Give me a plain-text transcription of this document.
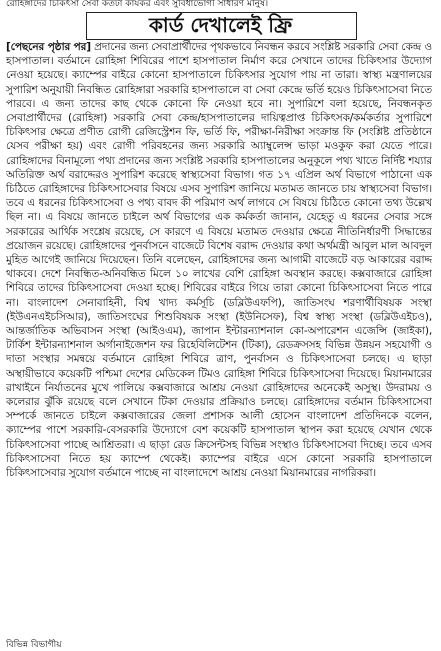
রোহিঙ্গাদের চিকিৎসা সেবা কতটা কার্যকর এবং সুবিধাভোগী সাধারণ মানুষ।
কার্ড দেখালেই ফ্রি
[পেছনের পৃষ্ঠার পর] প্রদানের জন্য সেবাপ্রার্থীদের পৃথকভাবে নিবন্ধন করবে সংশ্লিষ্ট সরকারি সেবা কেন্দ্র ও হাসপাতাল। বর্তমানে রোহিঙ্গা শিবিরের পাশে হাসপাতাল নির্মাণ করে সেখানে তাদের চিকিৎসার উদ্যোগ নেওয়া হয়েছে। ক্যাম্পের বাইরে কোনো হাসপাতালে চিকিৎসার সুযোগ পায় না তারা। স্বাস্থ্য মন্ত্রণালয়ের সুপারিশ অনুযায়ী নিবন্ধিত রোহিঙ্গারা সরকারি হাসপাতালে বা সেবা কেন্দ্রে ভর্তি হয়েও চিকিৎসাসেবা নিতে পারবে। এ জন্য তাদের কাছ থেকে কোনো ফি নেওয়া হবে না। সুপারিশে বলা হয়েছে, নিবন্ধনকৃত সেবাপ্রার্থীদের (রোহিঙ্গা) সরকারি সেবা কেন্দ্র/হাসপাতালের দায়িত্বপ্রাপ্ত চিকিৎসক/কর্মকর্তার সুপারিশে চিকিৎসার ক্ষেত্রে প্রণীত রোগী রেজিস্ট্রেশন ফি, ভর্তি ফি, পরীক্ষা-নিরীক্ষা সংক্রান্ত ফি (সংশ্লিষ্ট প্রতিষ্ঠানে যেসব পরীক্ষা হয়) এবং রোগী পরিবহনের জন্য সরকারি অ্যাম্বুলেন্স ভাড়া মওকুফ করা যেতে পারে। রোহিঙ্গাদের বিনামূল্যে পথ্য প্রদানের জন্য সংশ্লিষ্ট সরকারি হাসপাতালের অনুকূলে পথ্য খাতে নির্দিষ্ট শয্যার অতিরিক্ত অর্থ বরাদ্দেরও সুপারিশ করেছে স্বাস্থ্যসেবা বিভাগ। গত ১৭ এপ্রিল অর্থ বিভাগে পাঠানো এক চিঠিতে রোহিঙ্গাদের চিকিৎসাসেবার বিষয়ে এসব সুপারিশ জানিয়ে মতামত জানতে চায় স্বাস্থ্যসেবা বিভাগ। তবে এ ধরনের চিকিৎসাসেবা ও পথ্য বাবদ কী পরিমাণ অর্থ লাগবে সে বিষয়ে চিঠিতে কোনো তথ্য উল্লেখ ছিল না। এ বিষয়ে জানতে চাইলে অর্থ বিভাগের এক কর্মকর্তা জানান, যেহেতু এ ধরনের সেবার সঙ্গে সরকারের আর্থিক সংশ্লেষ রয়েছে, সে কারণে এ বিষয়ে মতামত দেওয়ার ক্ষেত্রে নীতিনির্ধারণী সিদ্ধান্তের প্রয়োজন রয়েছে। রোহিঙ্গাদের পুনর্বাসনে বাজেটে বিশেষ বরাদ্দ দেওয়ার কথা অর্থমন্ত্রী আবুল মাল আবদুল মুহিত আগেই জানিয়ে দিয়েছেন। তিনি বলেছেন, রোহিঙ্গাদের জন্য আগামী বাজেটে বড় আকারের বরাদ্দ থাকবে। দেশে নিবন্ধিত-অনিবন্ধিত মিলে ১০ লাখের বেশি রোহিঙ্গা অবস্থান করছে। কক্সবাজারে রোহিঙ্গা শিবিরে তাদের চিকিৎসাসেবা দেওয়া হচ্ছে। শিবিরের বাইরে গিয়ে তারা কোনো চিকিৎসাসেবা নিতে পারে না। বাংলাদেশ সেনাবাহিনী, বিশ্ব খাদ্য কর্মসূচি (ডব্লিউএফপি), জাতিসংঘ শরণার্থীবিষয়ক সংস্থা (ইউএনএইচসিআর), জাতিসংঘের শিশুবিষয়ক সংস্থা (ইউনিসেফ), বিশ্ব স্বাস্থ্য সংস্থা (ডব্লিউএইচও), আন্তর্জাতিক অভিবাসন সংস্থা (আইওএম), জাপান ইন্টারন্যাশনাল কো-অপারেশন এজেন্সি (জাইকা), টার্কিশ ইন্টারন্যাশনাল অর্গানাইজেশন ফর রিহেবিলিটেশন (টিকা), রেডক্রসসহ বিভিন্ন উন্নয়ন সহযোগী ও দাতা সংস্থার সমন্বয়ে বর্তমানে রোহিঙ্গা শিবিরে ত্রাণ, পুনর্বাসন ও চিকিৎসাসেবা চলছে। এ ছাড়া অস্থায়ীভাবে কয়েকটি পশ্চিমা দেশের মেডিকেল টিমও রোহিঙ্গা শিবিরে চিকিৎসাসেবা দিয়েছে। মিয়ানমারের রাখাইনে নির্যাতনের মুখে পালিয়ে কক্সবাজারে আশ্রয় নেওয়া রোহিঙ্গাদের অনেকেই অসুস্থ। উদরাময় ও কলেরার ঝুঁকি রয়েছে বলে সেখানে টিকা দেওয়ার প্রক্রিয়াও চলছে। রোহিঙ্গাদের বর্তমান চিকিৎসাসেবা সম্পর্কে জানতে চাইলে কক্সবাজারের জেলা প্রশাসক আলী হোসেন বাংলাদেশ প্রতিদিনকে বলেন, ক্যাম্পের পাশে সরকারি-বেসরকারি উদ্যোগে বেশ কয়েকটি হাসপাতাল স্থাপন করা হয়েছে যেখান থেকে চিকিৎসাসেবা পাচ্ছে আশ্রিতরা। এ ছাড়া রেড ক্রিসেন্টসহ বিভিন্ন সংস্থাও চিকিৎসাসেবা দিচ্ছে। তবে এসব চিকিৎসাসেবা নিতে হয় ক্যাম্পে থেকেই। ক্যাম্পের বাইরে এসে কোনো সরকারি হাসপাতালে চিকিৎসাসেবার সুযোগ বর্তমানে পাচ্ছে না বাংলাদেশে আশ্রয় নেওয়া মিয়ানমারের নাগরিকরা।
বিভিন্ন বিভাগীয়
